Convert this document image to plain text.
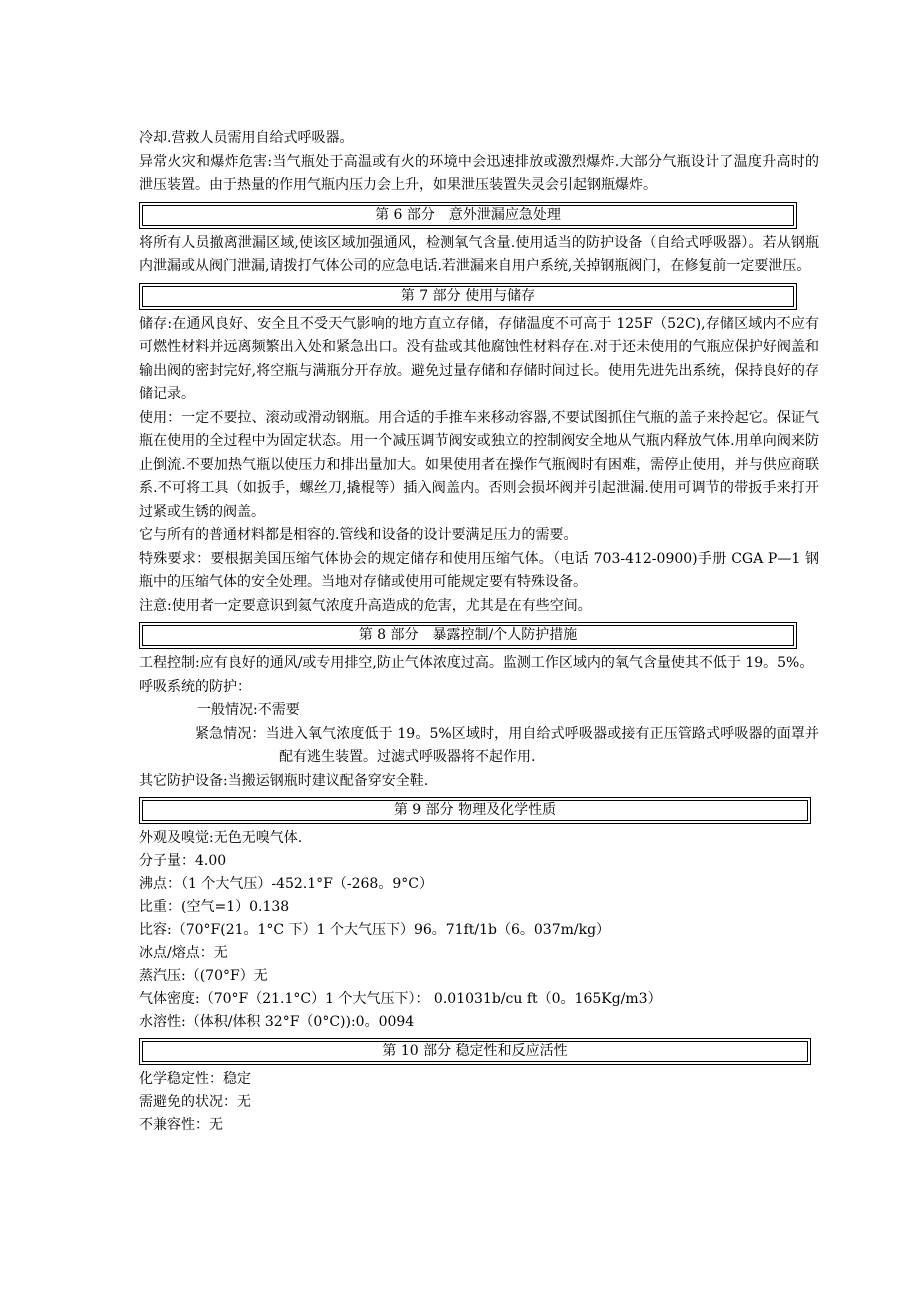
冷却.营救人员需用自给式呼吸器。

异常火灾和爆炸危害:当气瓶处于高温或有火的环境中会迅速排放或激烈爆炸.大部分气瓶设计了温度升高时的泄压装置。由于热量的作用气瓶内压力会上升，如果泄压装置失灵会引起钢瓶爆炸。

第 6 部分　意外泄漏应急处理

将所有人员撤离泄漏区域,使该区域加强通风，检测氧气含量.使用适当的防护设备（自给式呼吸器）。若从钢瓶内泄漏或从阀门泄漏,请拨打气体公司的应急电话.若泄漏来自用户系统,关掉钢瓶阀门，在修复前一定要泄压。

第 7 部分 使用与储存

储存:在通风良好、安全且不受天气影响的地方直立存储，存储温度不可高于 125F（52C),存储区域内不应有可燃性材料并远离频繁出入处和紧急出口。没有盐或其他腐蚀性材料存在.对于还未使用的气瓶应保护好阀盖和输出阀的密封完好,将空瓶与满瓶分开存放。避免过量存储和存储时间过长。使用先进先出系统，保持良好的存储记录。

使用：一定不要拉、滚动或滑动钢瓶。用合适的手推车来移动容器,不要试图抓住气瓶的盖子来拎起它。保证气瓶在使用的全过程中为固定状态。用一个减压调节阀安或独立的控制阀安全地从气瓶内释放气体.用单向阀来防止倒流.不要加热气瓶以使压力和排出量加大。如果使用者在操作气瓶阀时有困难，需停止使用，并与供应商联系.不可将工具（如扳手，螺丝刀,撬棍等）插入阀盖内。否则会损坏阀并引起泄漏.使用可调节的带扳手来打开过紧或生锈的阀盖。

它与所有的普通材料都是相容的.管线和设备的设计要满足压力的需要。

特殊要求：要根据美国压缩气体协会的规定储存和使用压缩气体。（电话 703-412-0900)手册 CGA P—1 钢瓶中的压缩气体的安全处理。当地对存储或使用可能规定要有特殊设备。

注意:使用者一定要意识到氦气浓度升高造成的危害，尤其是在有些空间。

第 8 部分　暴露控制/个人防护措施

工程控制:应有良好的通风/或专用排空,防止气体浓度过高。监测工作区域内的氧气含量使其不低于 19。5%。

呼吸系统的防护：

一般情况:不需要

紧急情况：当进入氧气浓度低于 19。5%区域时，用自给式呼吸器或接有正压管路式呼吸器的面罩并配有逃生装置。过滤式呼吸器将不起作用.

其它防护设备:当搬运钢瓶时建议配备穿安全鞋.

第 9 部分 物理及化学性质

外观及嗅觉:无色无嗅气体.

分子量：4.00

沸点：（1 个大气压）-452.1°F（-268。9°C）

比重：(空气=1）0.138

比容:（70°F(21。1°C 下）1 个大气压下）96。71ft/1b（6。037m/kg）

冰点/熔点：无

蒸汽压:（(70°F）无

气体密度:（70°F（21.1°C）1 个大气压下）： 0.01031b/cu ft（0。165Kg/m3）

水溶性:（体积/体积 32°F（0°C)):0。0094

第 10 部分 稳定性和反应活性

化学稳定性：稳定

需避免的状况：无

不兼容性：无
